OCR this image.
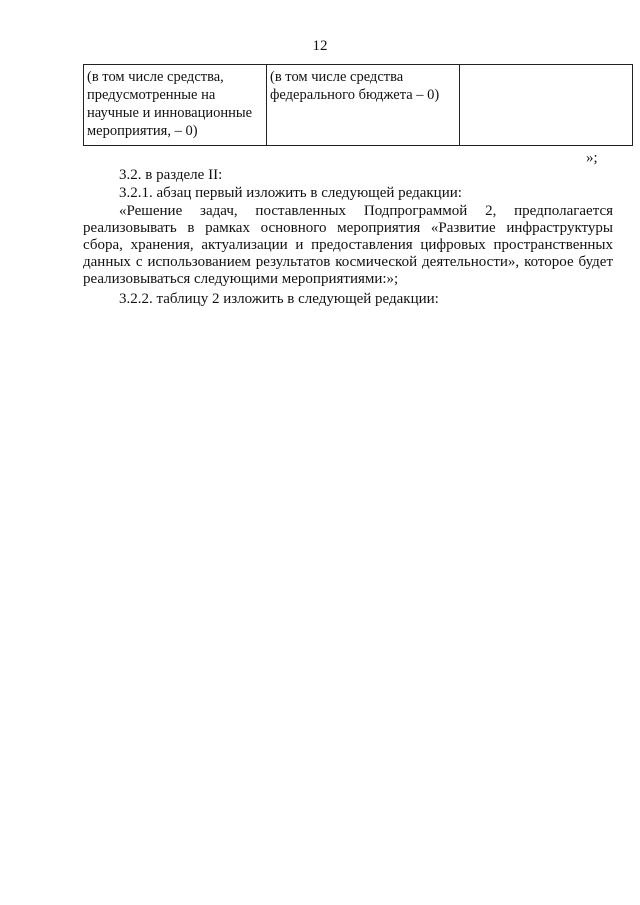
12
(в том числе средства, предусмотренные на научные и инновационные мероприятия, – 0)	(в том числе средства федерального бюджета – 0)	
»;
3.2. в разделе II:
3.2.1. абзац первый изложить в следующей редакции:
«Решение задач, поставленных Подпрограммой 2, предполагается реализовывать в рамках основного мероприятия «Развитие инфраструктуры сбора, хранения, актуализации и предоставления цифровых пространственных данных с использованием результатов космической деятельности», которое будет реализовываться следующими мероприятиями:»;
3.2.2. таблицу 2 изложить в следующей редакции:
